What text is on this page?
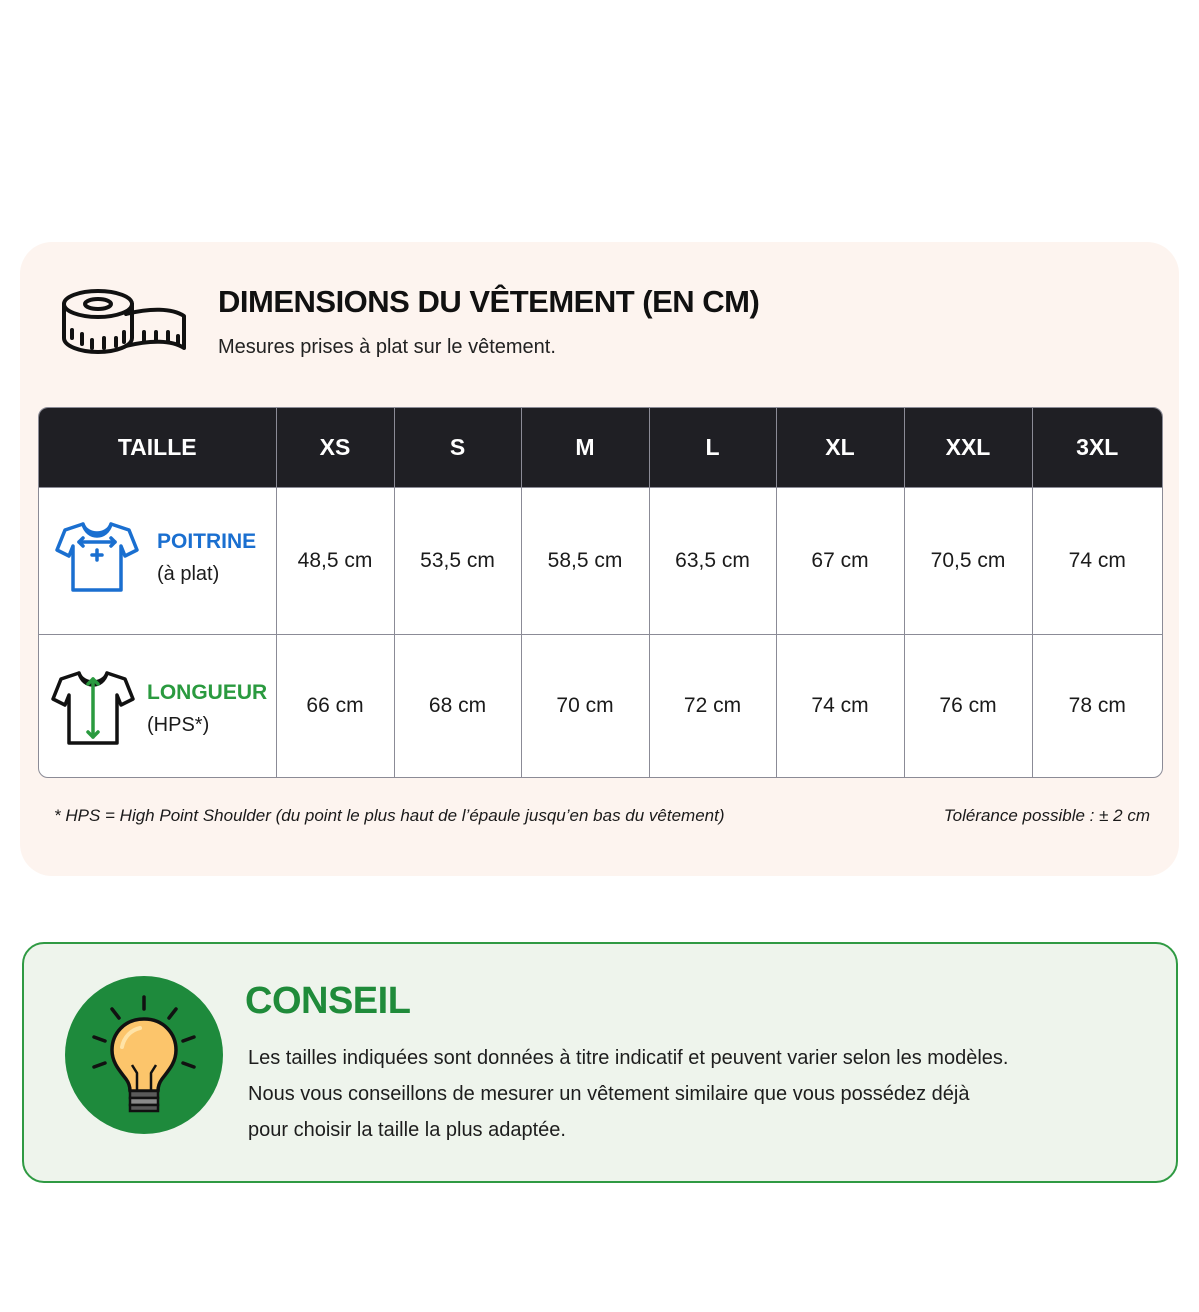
DIMENSIONS DU VÊTEMENT (EN CM)
Mesures prises à plat sur le vêtement.
TAILLE	XS	S	M	L	XL	XXL	3XL

POITRINE
(à plat)	48,5 cm	53,5 cm	58,5 cm	63,5 cm	67 cm	70,5 cm	74 cm

LONGUEUR
(HPS*)	66 cm	68 cm	70 cm	72 cm	74 cm	76 cm	78 cm
* HPS = High Point Shoulder (du point le plus haut de l’épaule jusqu’en bas du vêtement)	Tolérance possible : ± 2 cm
CONSEIL
Les tailles indiquées sont données à titre indicatif et peuvent varier selon les modèles.
Nous vous conseillons de mesurer un vêtement similaire que vous possédez déjà
pour choisir la taille la plus adaptée.
